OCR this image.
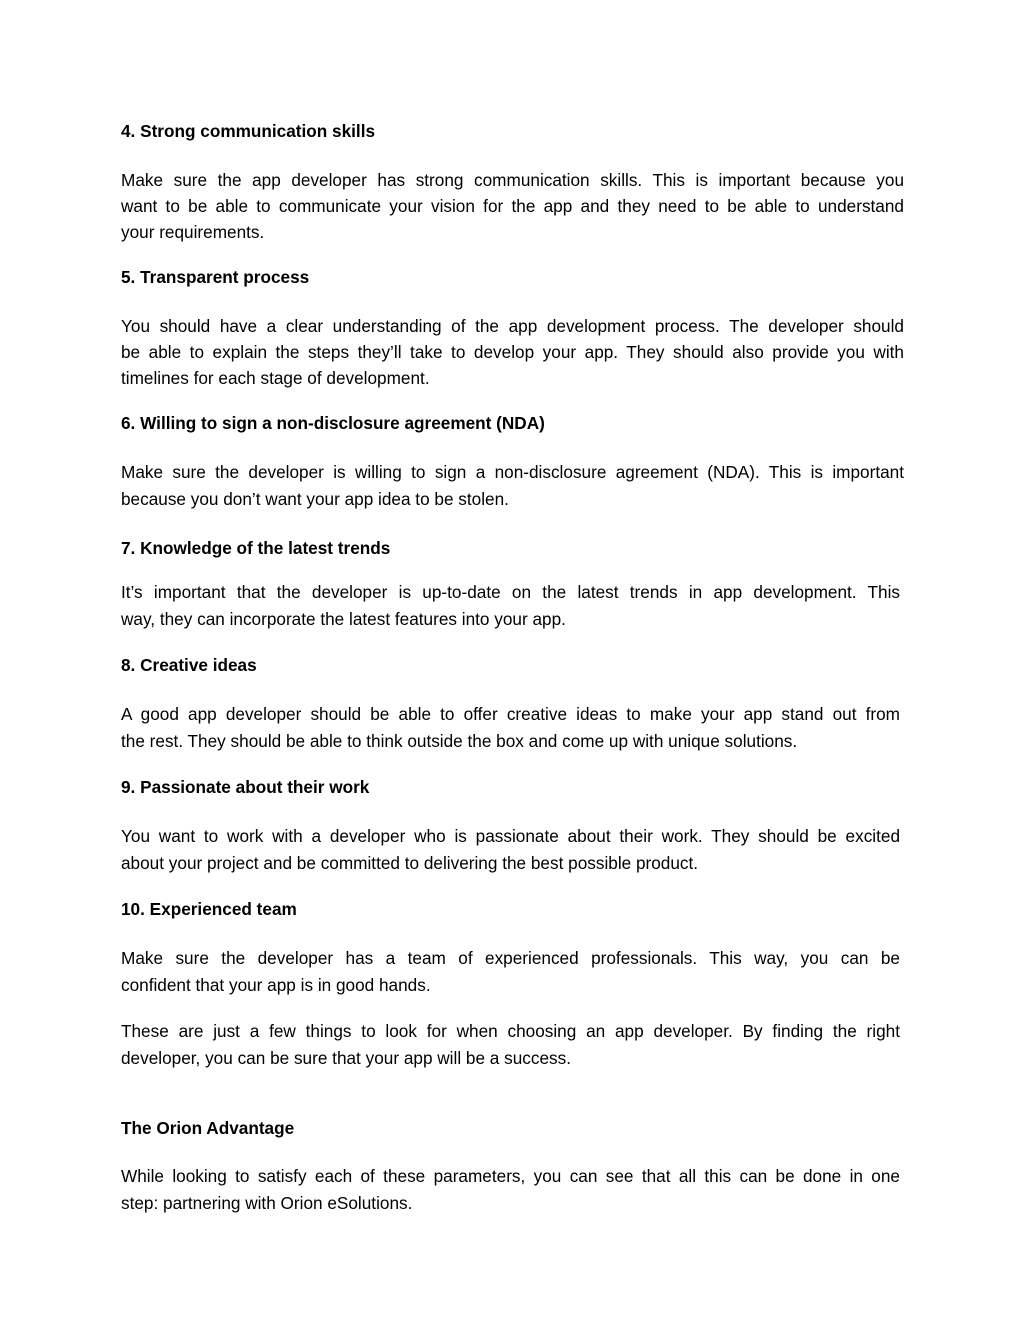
4. Strong communication skills
Make sure the app developer has strong communication skills. This is important because you
want to be able to communicate your vision for the app and they need to be able to understand
your requirements.
5. Transparent process
You should have a clear understanding of the app development process. The developer should
be able to explain the steps they’ll take to develop your app. They should also provide you with
timelines for each stage of development.
6. Willing to sign a non-disclosure agreement (NDA)
Make sure the developer is willing to sign a non-disclosure agreement (NDA). This is important
because you don’t want your app idea to be stolen.
7. Knowledge of the latest trends
It’s important that the developer is up-to-date on the latest trends in app development. This
way, they can incorporate the latest features into your app.
8. Creative ideas
A good app developer should be able to offer creative ideas to make your app stand out from
the rest. They should be able to think outside the box and come up with unique solutions.
9. Passionate about their work
You want to work with a developer who is passionate about their work. They should be excited
about your project and be committed to delivering the best possible product.
10. Experienced team
Make sure the developer has a team of experienced professionals. This way, you can be
confident that your app is in good hands.
These are just a few things to look for when choosing an app developer. By finding the right
developer, you can be sure that your app will be a success.
The Orion Advantage
While looking to satisfy each of these parameters, you can see that all this can be done in one
step: partnering with Orion eSolutions.
